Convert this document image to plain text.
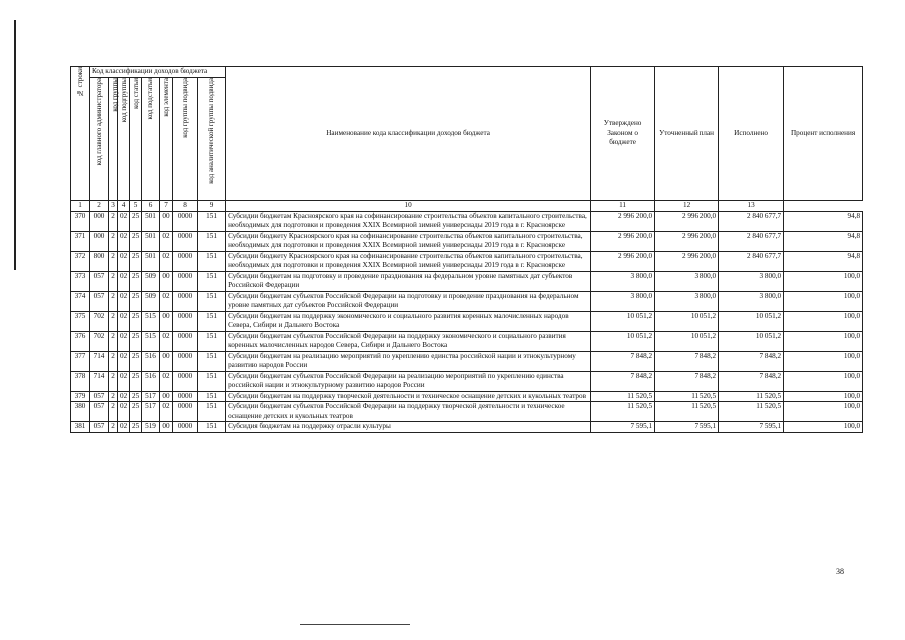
№ строки	Код классификации доходов бюджета								Наименование кода классификации доходов бюджета	Утверждено Законом о бюджете	Уточненный план	Исполнено	Процент исполнения
	код главного администратора	код группы	код подгруппы	код статьи	код подстатьи	код элемента	код группы подвида	код аналитической группы подвида					
1	2	3	4	5	6	7	8	9	10	11	12	13	
370	000	2	02	25	501	00	0000	151	Субсидии бюджетам Красноярского края на софинансирование строительства объектов капитального строительства, необходимых для подготовки и проведения XXIX Всемирной зимней универсиады 2019 года в г. Красноярске	2 996 200,0	2 996 200,0	2 840 677,7	94,8
371	000	2	02	25	501	02	0000	151	Субсидии бюджету Красноярского края на софинансирование строительства объектов капитального строительства, необходимых для подготовки и проведения XXIX Всемирной зимней универсиады 2019 года в г. Красноярске	2 996 200,0	2 996 200,0	2 840 677,7	94,8
372	800	2	02	25	501	02	0000	151	Субсидии бюджету Красноярского края на софинансирование строительства объектов капитального строительства, необходимых для подготовки и проведения XXIX Всемирной зимней универсиады 2019 года в г. Красноярске	2 996 200,0	2 996 200,0	2 840 677,7	94,8
373	057	2	02	25	509	00	0000	151	Субсидии бюджетам на подготовку и проведение празднования на федеральном уровне памятных дат субъектов Российской Федерации	3 800,0	3 800,0	3 800,0	100,0
374	057	2	02	25	509	02	0000	151	Субсидии бюджетам субъектов Российской Федерации на подготовку и проведение празднования на федеральном уровне памятных дат субъектов Российской Федерации	3 800,0	3 800,0	3 800,0	100,0
375	702	2	02	25	515	00	0000	151	Субсидии бюджетам на поддержку экономического и социального развития коренных малочисленных народов Севера, Сибири и Дальнего Востока	10 051,2	10 051,2	10 051,2	100,0
376	702	2	02	25	515	02	0000	151	Субсидии бюджетам субъектов Российской Федерации на поддержку экономического и социального развития коренных малочисленных народов Севера, Сибири и Дальнего Востока	10 051,2	10 051,2	10 051,2	100,0
377	714	2	02	25	516	00	0000	151	Субсидии бюджетам на реализацию мероприятий по укреплению единства российской нации и этнокультурному развитию народов России	7 848,2	7 848,2	7 848,2	100,0
378	714	2	02	25	516	02	0000	151	Субсидии бюджетам субъектов Российской Федерации на реализацию мероприятий по укреплению единства российской нации и этнокультурному развитию народов России	7 848,2	7 848,2	7 848,2	100,0
379	057	2	02	25	517	00	0000	151	Субсидии бюджетам на поддержку творческой деятельности и техническое оснащение детских и кукольных театров	11 520,5	11 520,5	11 520,5	100,0
380	057	2	02	25	517	02	0000	151	Субсидии бюджетам субъектов Российской Федерации на поддержку творческой деятельности и техническое оснащение детских и кукольных театров	11 520,5	11 520,5	11 520,5	100,0
381	057	2	02	25	519	00	0000	151	Субсидия бюджетам на поддержку отрасли культуры	7 595,1	7 595,1	7 595,1	100,0
38
